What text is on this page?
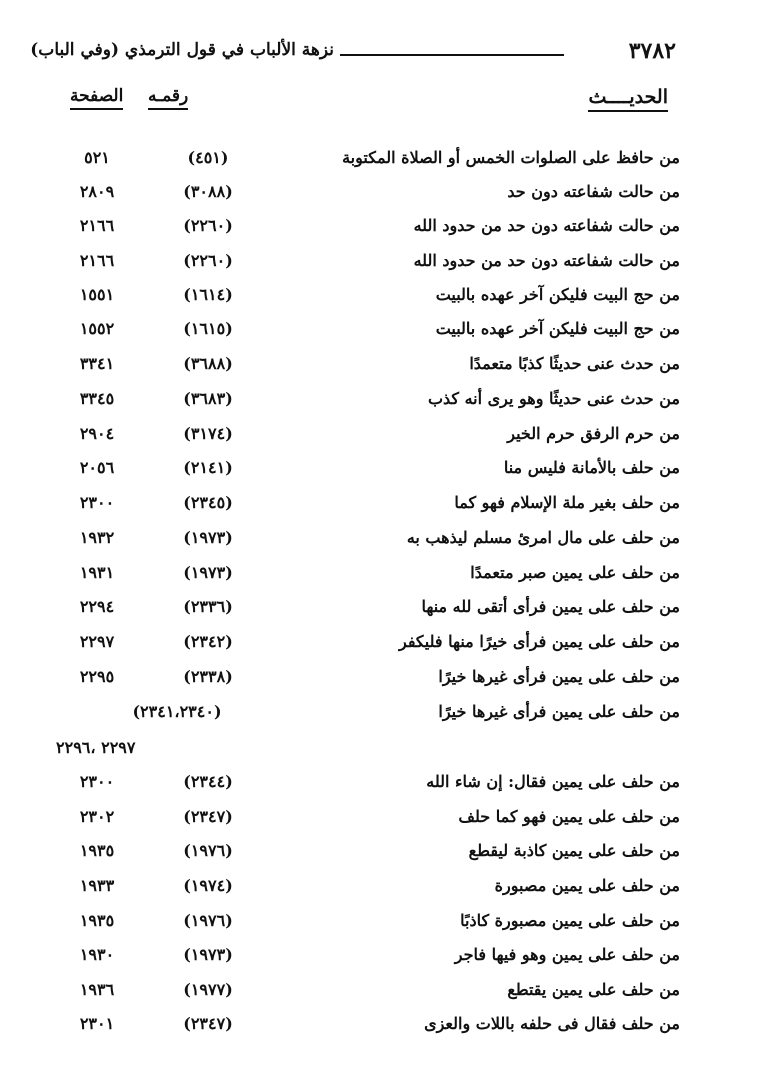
٣٧٨٢
نزهة الألباب في قول الترمذي (وفي الباب)
الحديــــث
رقمـه
الصفحة
من حافظ على الصلوات الخمس أو الصلاة المكتوبة
(٤٥١)
٥٢١
من حالت شفاعته دون حد
(٣٠٨٨)
٢٨٠٩
من حالت شفاعته دون حد من حدود الله
(٢٢٦٠)
٢١٦٦
من حالت شفاعته دون حد من حدود الله
(٢٢٦٠)
٢١٦٦
من حج البيت فليكن آخر عهده بالبيت
(١٦١٤)
١٥٥١
من حج البيت فليكن آخر عهده بالبيت
(١٦١٥)
١٥٥٢
من حدث عنى حديثًا كذبًا متعمدًا
(٣٦٨٨)
٣٣٤١
من حدث عنى حديثًا وهو يرى أنه كذب
(٣٦٨٣)
٣٣٤٥
من حرم الرفق حرم الخير
(٣١٧٤)
٢٩٠٤
من حلف بالأمانة فليس منا
(٢١٤١)
٢٠٥٦
من حلف بغير ملة الإسلام فهو كما
(٢٣٤٥)
٢٣٠٠
من حلف على مال امرئ مسلم ليذهب به
(١٩٧٣)
١٩٣٢
من حلف على يمين صبر متعمدًا
(١٩٧٣)
١٩٣١
من حلف على يمين فرأى أتقى لله منها
(٢٣٣٦)
٢٢٩٤
من حلف على يمين فرأى خيرًا منها فليكفر
(٢٣٤٢)
٢٢٩٧
من حلف على يمين فرأى غيرها خيرًا
(٢٣٣٨)
٢٢٩٥
من حلف على يمين فرأى غيرها خيرًا
(٢٣٤١،٢٣٤٠)
٢٢٩٧ ،٢٢٩٦
من حلف على يمين فقال: إن شاء الله
(٢٣٤٤)
٢٣٠٠
من حلف على يمين فهو كما حلف
(٢٣٤٧)
٢٣٠٢
من حلف على يمين كاذبة ليقطع
(١٩٧٦)
١٩٣٥
من حلف على يمين مصبورة
(١٩٧٤)
١٩٣٣
من حلف على يمين مصبورة كاذبًا
(١٩٧٦)
١٩٣٥
من حلف على يمين وهو فيها فاجر
(١٩٧٣)
١٩٣٠
من حلف على يمين يقتطع
(١٩٧٧)
١٩٣٦
من حلف فقال فى حلفه باللات والعزى
(٢٣٤٧)
٢٣٠١
